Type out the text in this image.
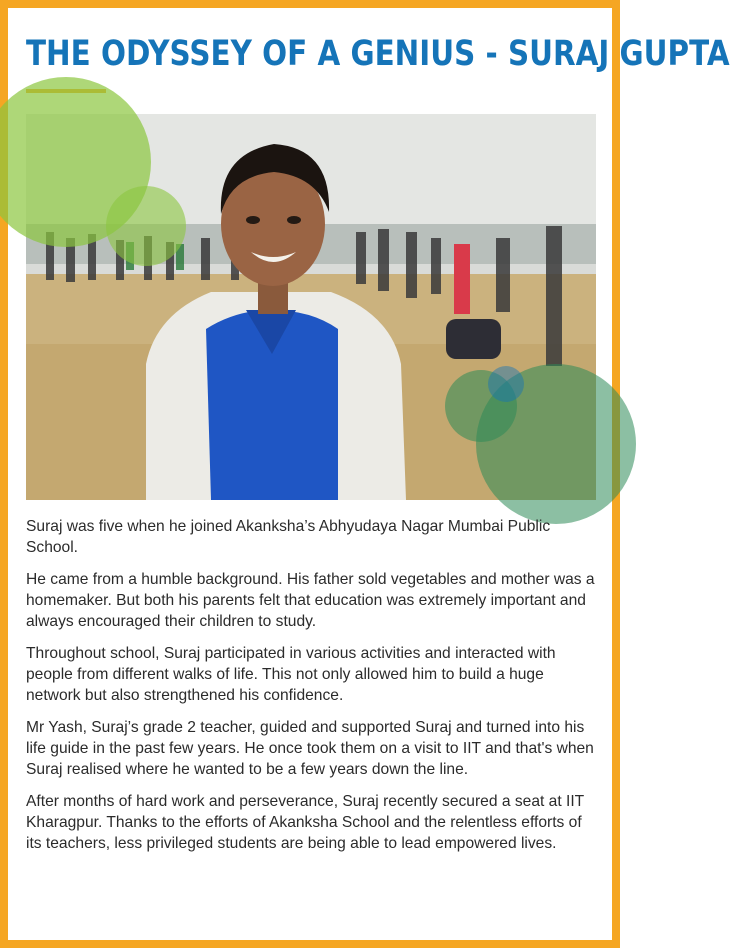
THE ODYSSEY OF A GENIUS - SURAJ GUPTA

Suraj was five when he joined Akanksha’s Abhyudaya Nagar Mumbai Public School.

He came from a humble background. His father sold vegetables and mother was a homemaker. But both his parents felt that education was extremely important and always encouraged their children to study.

Throughout school, Suraj participated in various activities and interacted with people from different walks of life. This not only allowed him to build a huge network but also strengthened his confidence.

Mr Yash, Suraj’s grade 2 teacher, guided and supported Suraj and turned into his life guide in the past few years. He once took them on a visit to IIT and that's when Suraj realised where he wanted to be a few years down the line.

After months of hard work and perseverance, Suraj recently secured a seat at IIT Kharagpur. Thanks to the efforts of Akanksha School and the relentless efforts of its teachers, less privileged students are being able to lead empowered lives.
